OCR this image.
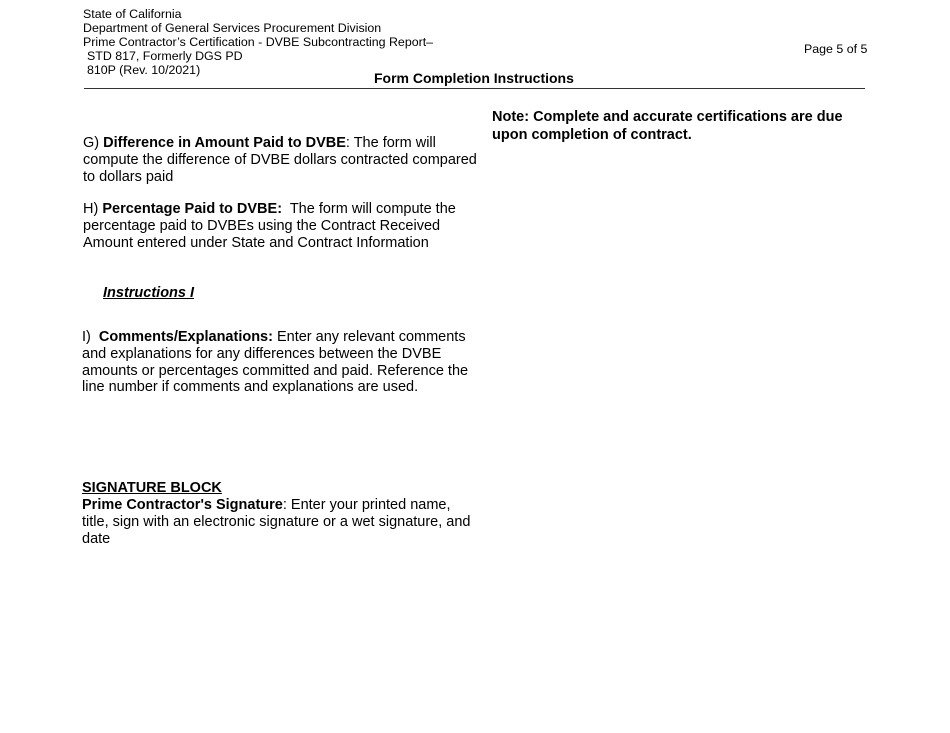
State of California
Department of General Services Procurement Division
Prime Contractor’s Certification - DVBE Subcontracting Report–
STD 817, Formerly DGS PD
810P (Rev. 10/2021)
Page 5 of 5
Form Completion Instructions
Note: Complete and accurate certifications are due upon completion of contract.
G) Difference in Amount Paid to DVBE: The form will compute the difference of DVBE dollars contracted compared to dollars paid
H) Percentage Paid to DVBE:  The form will compute the percentage paid to DVBEs using the Contract Received Amount entered under State and Contract Information
Instructions I
I)  Comments/Explanations: Enter any relevant comments and explanations for any differences between the DVBE amounts or percentages committed and paid. Reference the line number if comments and explanations are used.
SIGNATURE BLOCK
Prime Contractor's Signature: Enter your printed name, title, sign with an electronic signature or a wet signature, and date
